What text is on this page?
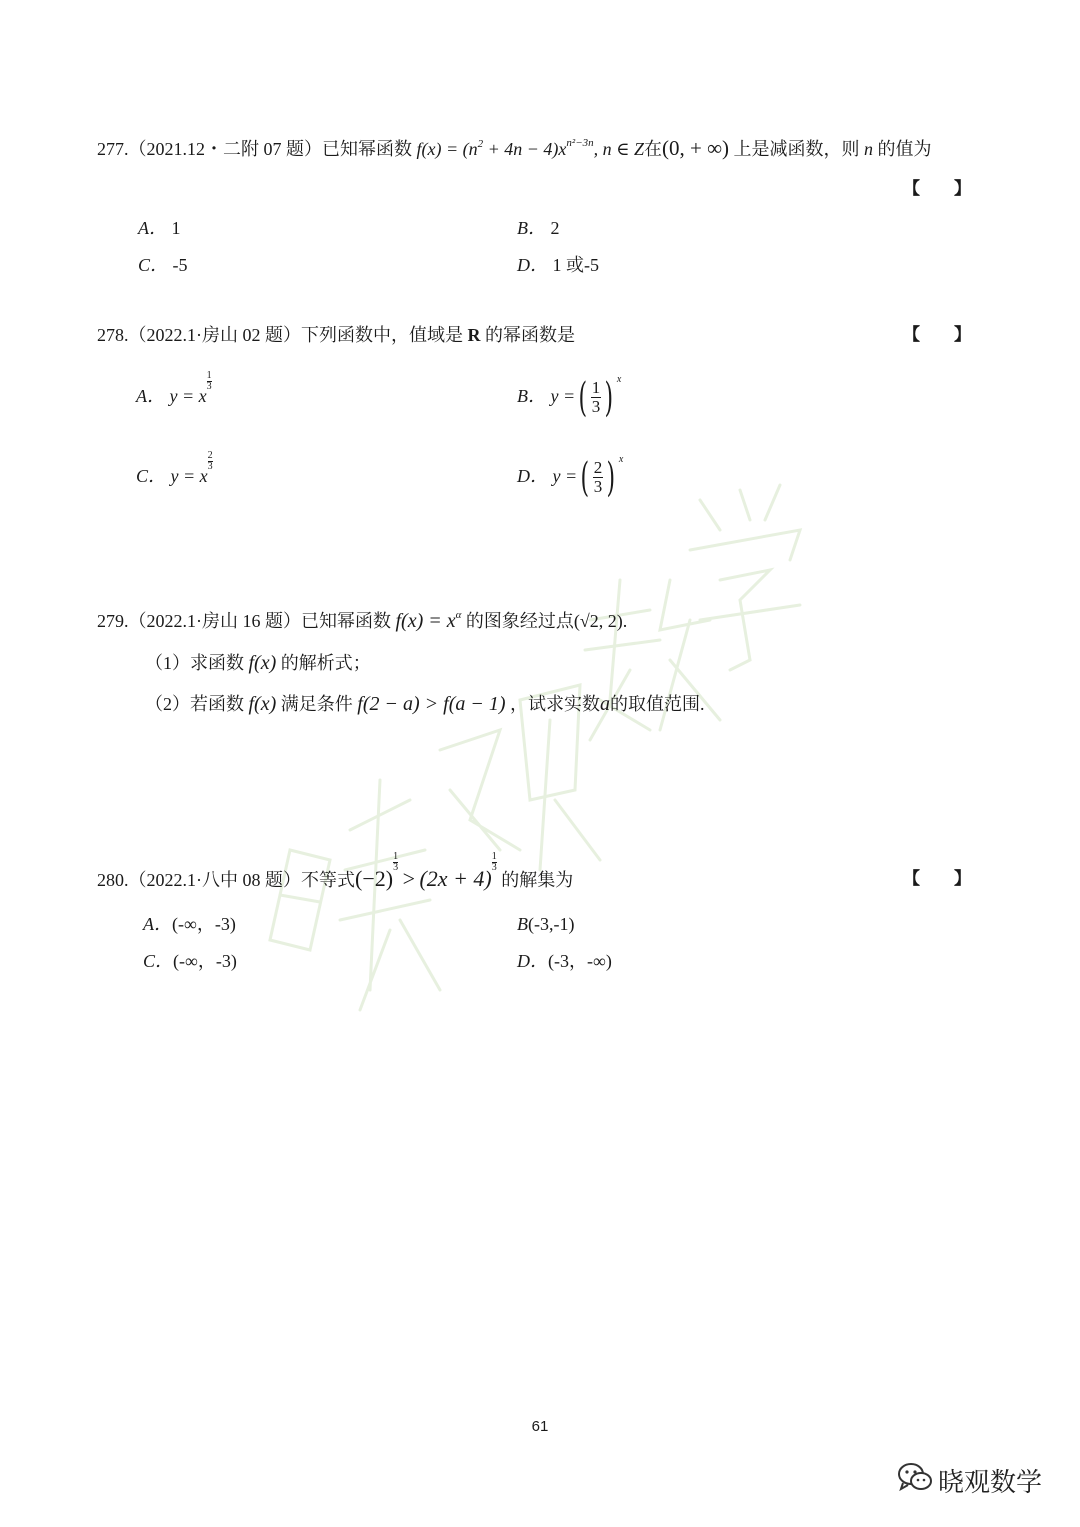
277.（2021.12・二附 07 题）已知幂函数 $f(x) = (n^2 + 4n - 4)x^{n^2-3n}$, n ∈ Z在(0, + ∞) 上是减函数，则 n 的值为
【　　】
A． 1	B． 2
C． -5	D． 1 或-5
278.（2022.1·房山 02 题）下列函数中，值域是 R 的幂函数是	【　　】
A． y = x
$\frac{1}{3}$
B． y =( $\frac{1}{3}$ ) $^x$
C． y = x
$\frac{2}{3}$
D． y =( $\frac{2}{3}$ ) $^x$
279.（2022.1·房山 16 题）已知幂函数 $f(x) = x^\alpha$ 的图象经过点(√2, 2).
（1）求函数 f(x) 的解析式；
（2）若函数 f(x) 满足条件 f(2 − a) > f(a − 1) ，试求实数a的取值范围.
280.（2022.1·八中 08 题）不等式(−2)
$\frac{1}{3}$
> (2x + 4)
$\frac{1}{3}$
的解集为	【　　】
A．(-∞，-3)	B(-3,-1)
C．(-∞，-3)	D．(-3，-∞)
61
晓观数学
